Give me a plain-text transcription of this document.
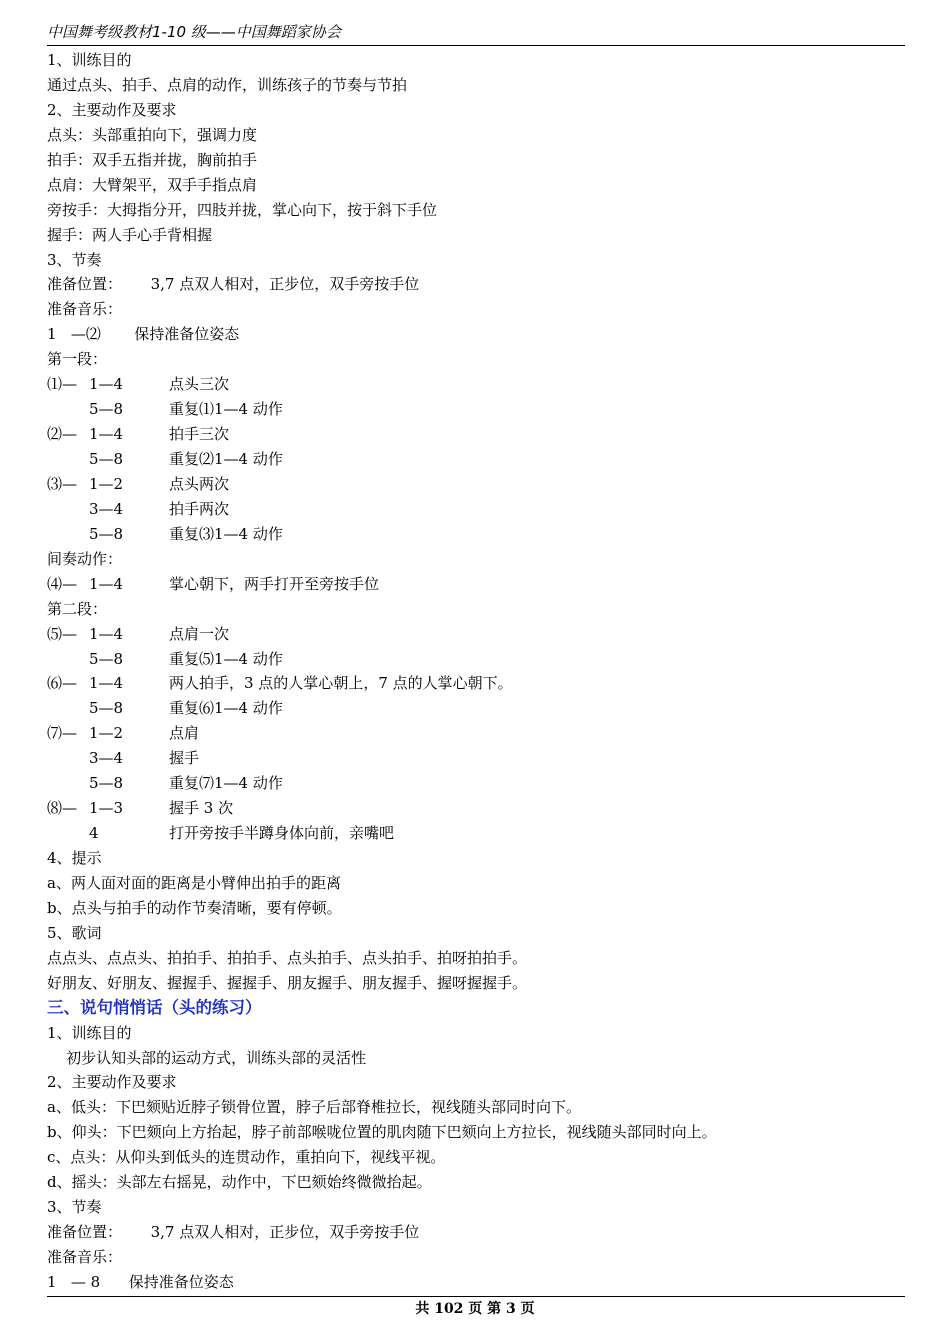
中国舞考级教材1-10 级——中国舞蹈家协会
1、训练目的
通过点头、拍手、点肩的动作，训练孩子的节奏与节拍
2、主要动作及要求
点头：头部重拍向下，强调力度
拍手：双手五指并拢，胸前拍手
点肩：大臂架平，双手手指点肩
旁按手：大拇指分开，四肢并拢，掌心向下，按于斜下手位
握手：两人手心手背相握
3、节奏
准备位置：      3,7 点双人相对，正步位，双手旁按手位
准备音乐：
1   —⑵       保持准备位姿态
第一段：
⑴— 1—4	点头三次
5—8	重复⑴1—4 动作
⑵— 1—4	拍手三次
5—8	重复⑵1—4 动作
⑶— 1—2	点头两次
3—4	拍手两次
5—8	重复⑶1—4 动作
间奏动作：
⑷— 1—4	掌心朝下，两手打开至旁按手位
第二段：
⑸— 1—4	点肩一次
5—8	重复⑸1—4 动作
⑹— 1—4	两人拍手，3 点的人掌心朝上，7 点的人掌心朝下。
5—8	重复⑹1—4 动作
⑺— 1—2	点肩
3—4	握手
5—8	重复⑺1—4 动作
⑻— 1—3	握手 3 次
4	打开旁按手半蹲身体向前，亲嘴吧
4、提示
a、两人面对面的距离是小臂伸出拍手的距离
b、点头与拍手的动作节奏清晰，要有停顿。
5、歌词
点点头、点点头、拍拍手、拍拍手、点头拍手、点头拍手、拍呀拍拍手。
好朋友、好朋友、握握手、握握手、朋友握手、朋友握手、握呀握握手。
三、说句悄悄话（头的练习）
1、训练目的
初步认知头部的运动方式，训练头部的灵活性
2、主要动作及要求
a、低头：下巴颏贴近脖子锁骨位置，脖子后部脊椎拉长，视线随头部同时向下。
b、仰头：下巴颏向上方抬起，脖子前部喉咙位置的肌肉随下巴颏向上方拉长，视线随头部同时向上。
c、点头：从仰头到低头的连贯动作，重拍向下，视线平视。
d、摇头：头部左右摇晃，动作中，下巴颏始终微微抬起。
3、节奏
准备位置：      3,7 点双人相对，正步位，双手旁按手位
准备音乐：
1   — 8      保持准备位姿态
共 102 页 第 3 页
